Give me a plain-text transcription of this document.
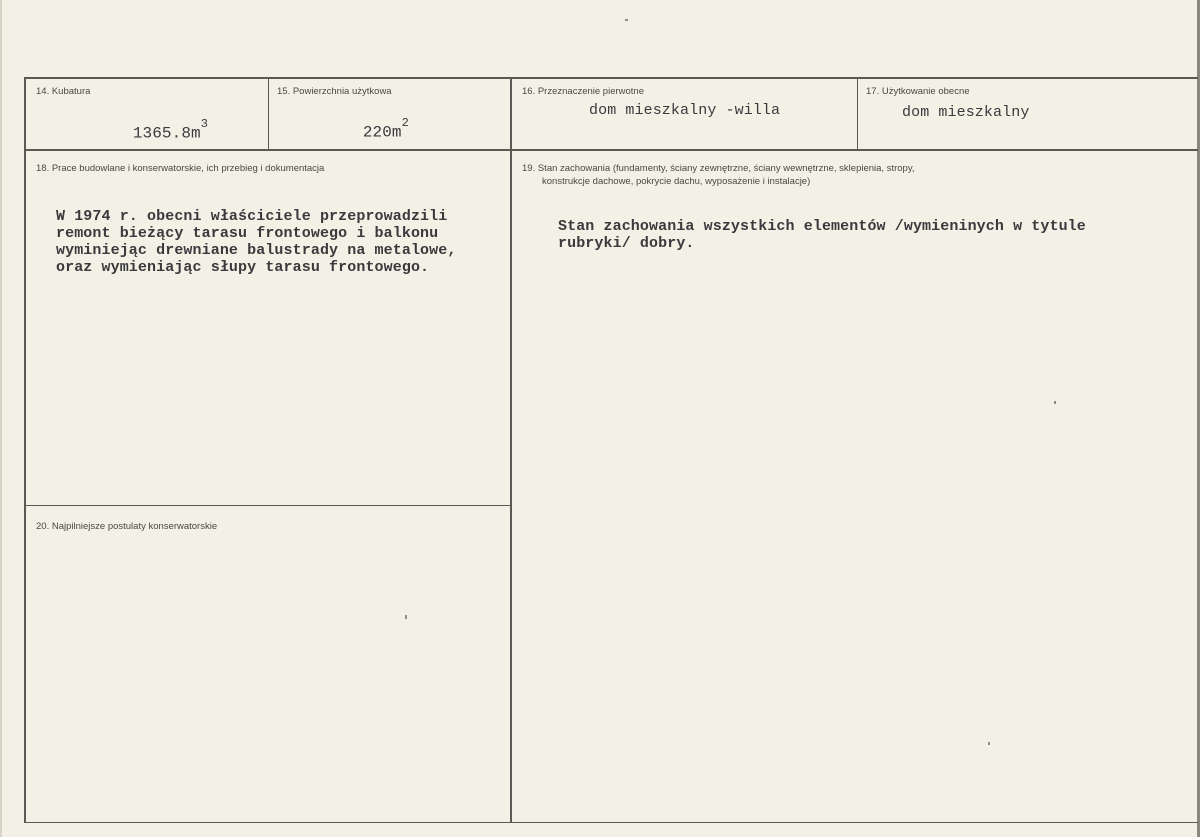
14. Kubatura

$1365.8m^3$

15. Powierzchnia użytkowa

$220m^2$

16. Przeznaczenie pierwotne
dom mieszkalny -willa
17. Użytkowanie obecne
dom mieszkalny
18. Prace budowlane i konserwatorskie, ich przebieg i dokumentacja
W 1974 r. obecni właściciele przeprowadzili
remont bieżący tarasu frontowego i balkonu
wyminiejąc drewniane balustrady na metalowe,
oraz wymieniając słupy tarasu frontowego.
19. Stan zachowania (fundamenty, ściany zewnętrzne, ściany wewnętrzne, sklepienia, stropy,
konstrukcje dachowe, pokrycie dachu, wyposażenie i instalacje)
Stan zachowania wszystkich elementów /wymieninych w tytule
rubryki/ dobry.
20. Najpilniejsze postulaty konserwatorskie
